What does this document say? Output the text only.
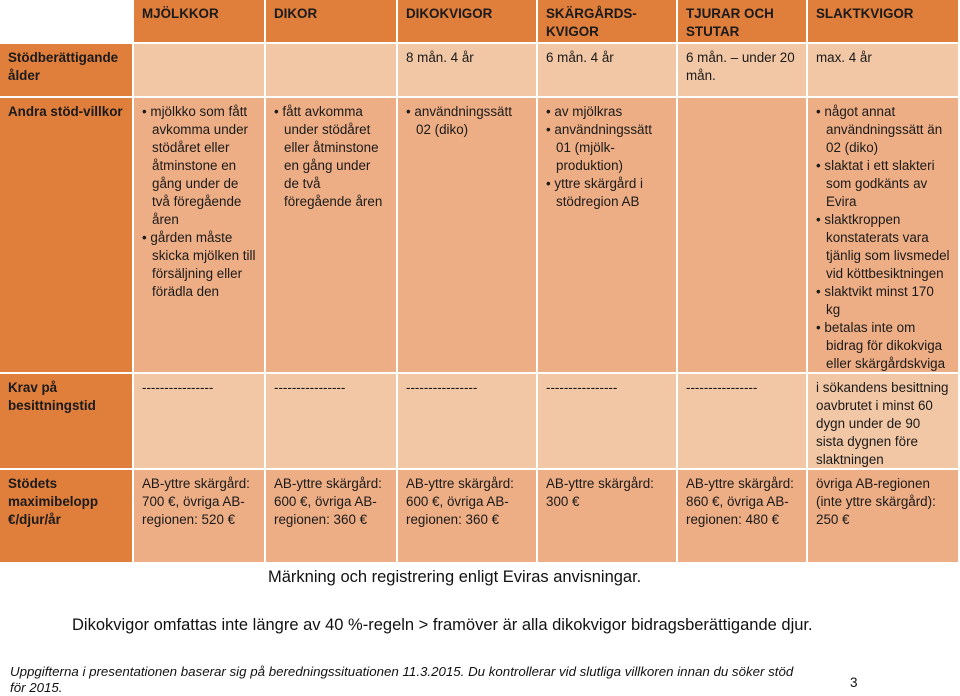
MJÖLKKOR	DIKOR	DIKOKVIGOR	SKÄRGÅRDS-KVIGOR
TJURAR OCH STUTAR
SLAKTKVIGOR
Stödberättigande ålder
8 mån. 4 år	6 mån. 4 år	6 mån. – under 20 mån.
max. 4 år
Andra stöd-villkor
•	mjölkko som fått avkomma under stödåret eller åtminstone en gång under de två föregående åren
• gården måste skicka mjölken till försäljning eller förädla den
• fått avkomma under stödåret eller åtminstone en gång under de två föregående åren
• användningssätt 02 (diko)
• av mjölkras
• användningssätt 01 (mjölk-produktion)
• yttre skärgård i stödregion AB
• något annat användningssätt än 02 (diko)
• slaktat i ett slakteri som godkänts av Evira
• slaktkroppen konstaterats vara tjänlig som livsmedel vid köttbesiktningen
• slaktvikt minst 170 kg
• betalas inte om bidrag för dikokviga eller skärgårdskviga
Krav på besittningstid
----------------	----------------	----------------	----------------	----------------	i sökandens besittning oavbrutet i minst 60 dygn under de 90 sista dygnen före slaktningen
Stödets maximibelopp €/djur/år
AB-yttre skärgård: 700 €, övriga AB-regionen: 520 €
AB-yttre skärgård: 600 €, övriga AB-regionen: 360 €
AB-yttre skärgård: 600 €, övriga AB-regionen: 360 €
AB-yttre skärgård: 300 €
AB-yttre skärgård: 860 €, övriga AB-regionen: 480 €
övriga AB-regionen (inte yttre skärgård): 250 €
Märkning och registrering enligt Eviras anvisningar.
Dikokvigor omfattas inte längre av 40 %-regeln > framöver är alla dikokvigor bidragsberättigande djur.
Uppgifterna i presentationen baserar sig på beredningssituationen 11.3.2015. Du kontrollerar vid slutliga villkoren innan du söker stöd för 2015.	3
